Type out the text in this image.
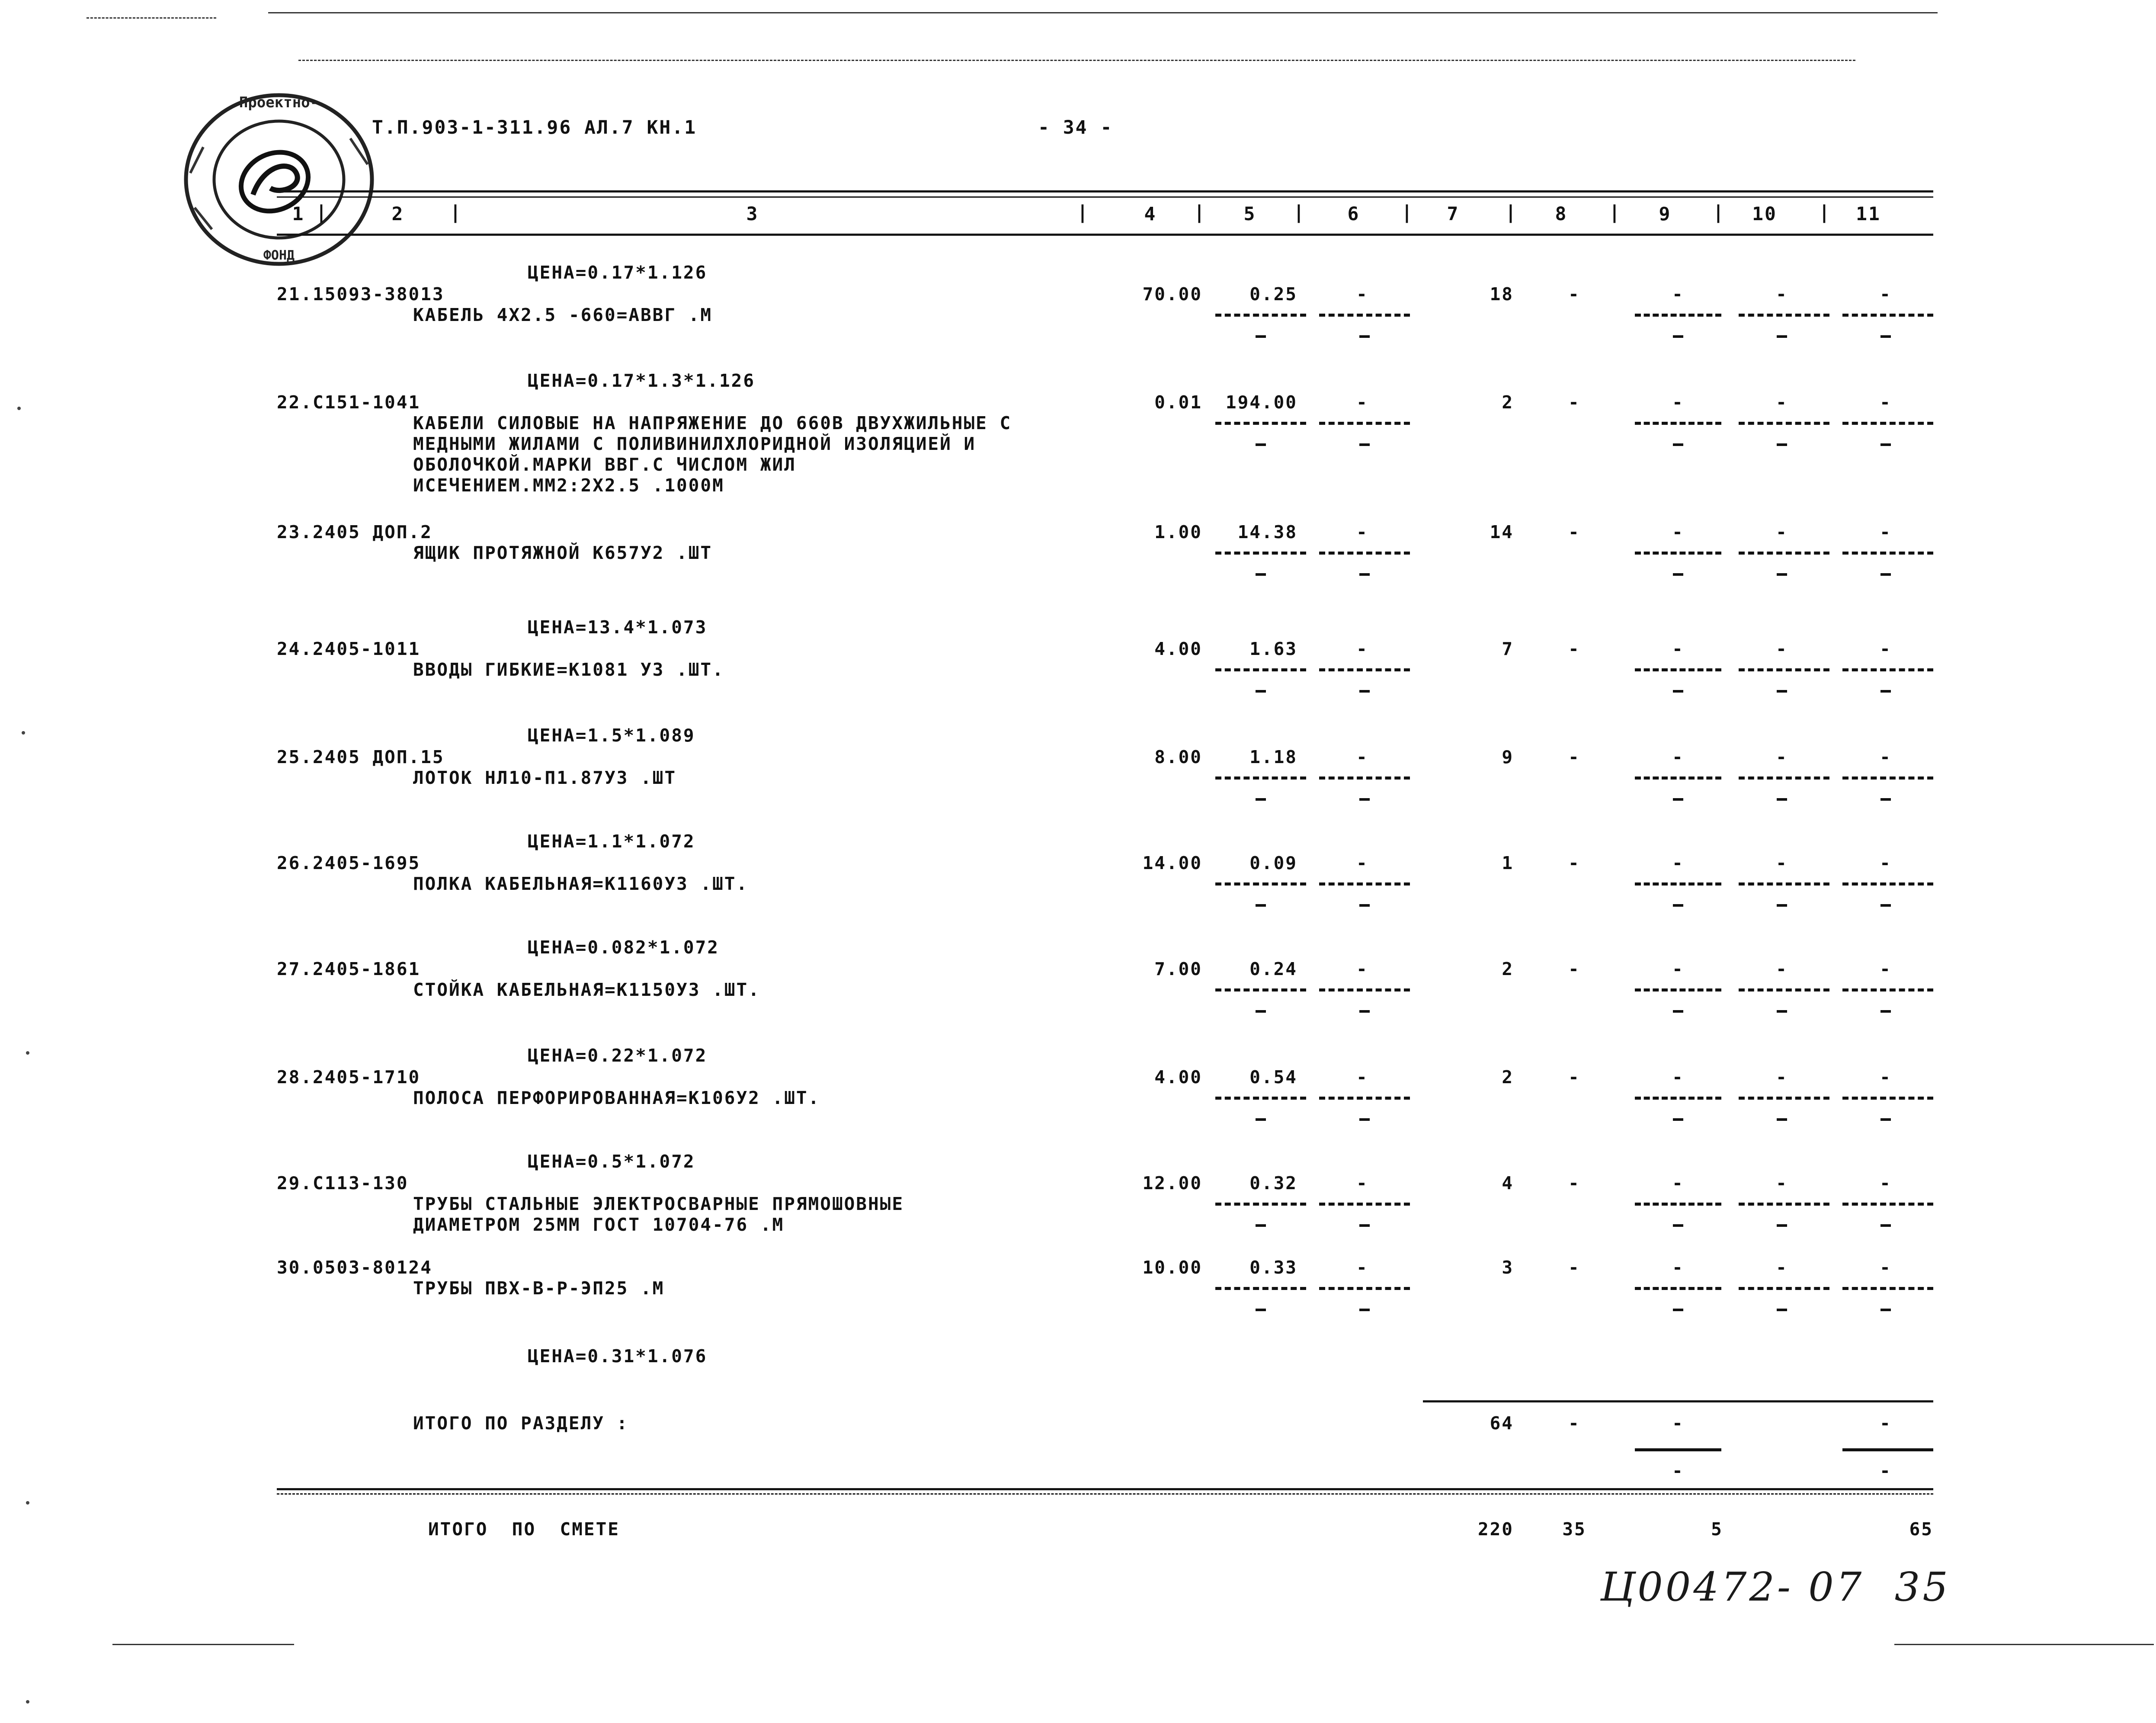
Проектно-
ФОНД
Т.П.903-1-311.96 АЛ.7 КН.1	- 34 -
1 |	2	|	3	|	4	|	5	|	6	|	7	|	8	|	9	|	10	|	11
ЦЕНА=0.17*1.126
21.15093-38013	70.00	0.25	-	18	-	-	-	-
КАБЕЛЬ 4Х2.5 -660=АВВГ .М
ЦЕНА=0.17*1.3*1.126
22.С151-1041	0.01	194.00	-	2	-	-	-	-
КАБЕЛИ СИЛОВЫЕ НА НАПРЯЖЕНИЕ ДО 660В ДВУХЖИЛЬНЫЕ С
МЕДНЫМИ ЖИЛАМИ С ПОЛИВИНИЛХЛОРИДНОЙ ИЗОЛЯЦИЕЙ И
ОБОЛОЧКОЙ.МАРКИ ВВГ.С ЧИСЛОМ ЖИЛ
ИСЕЧЕНИЕМ.ММ2:2Х2.5 .1000М
23.2405 ДОП.2	1.00	14.38	-	14	-	-	-	-
ЯЩИК ПРОТЯЖНОЙ К657У2 .ШТ
ЦЕНА=13.4*1.073
24.2405-1011	4.00	1.63	-	7	-	-	-	-
ВВОДЫ ГИБКИЕ=К1081 У3 .ШТ.
ЦЕНА=1.5*1.089
25.2405 ДОП.15	8.00	1.18	-	9	-	-	-	-
ЛОТОК НЛ10-П1.87У3 .ШТ
ЦЕНА=1.1*1.072
26.2405-1695	14.00	0.09	-	1	-	-	-	-
ПОЛКА КАБЕЛЬНАЯ=К1160У3 .ШТ.
ЦЕНА=0.082*1.072
27.2405-1861	7.00	0.24	-	2	-	-	-	-
СТОЙКА КАБЕЛЬНАЯ=К1150У3 .ШТ.
ЦЕНА=0.22*1.072
28.2405-1710	4.00	0.54	-	2	-	-	-	-
ПОЛОСА ПЕРФОРИРОВАННАЯ=К106У2 .ШТ.
ЦЕНА=0.5*1.072
29.С113-130	12.00	0.32	-	4	-	-	-	-
ТРУБЫ СТАЛЬНЫЕ ЭЛЕКТРОСВАРНЫЕ ПРЯМОШОВНЫЕ
ДИАМЕТРОМ 25ММ ГОСТ 10704-76 .М
30.0503-80124	10.00	0.33	-	3	-	-	-	-
ТРУБЫ ПВХ-В-Р-ЭП25 .М
ЦЕНА=0.31*1.076
ИТОГО ПО РАЗДЕЛУ :	64	-	-	-
-	-
ИТОГО  ПО  СМЕТЕ	220	35	5	65
Ц00472- 07  35
